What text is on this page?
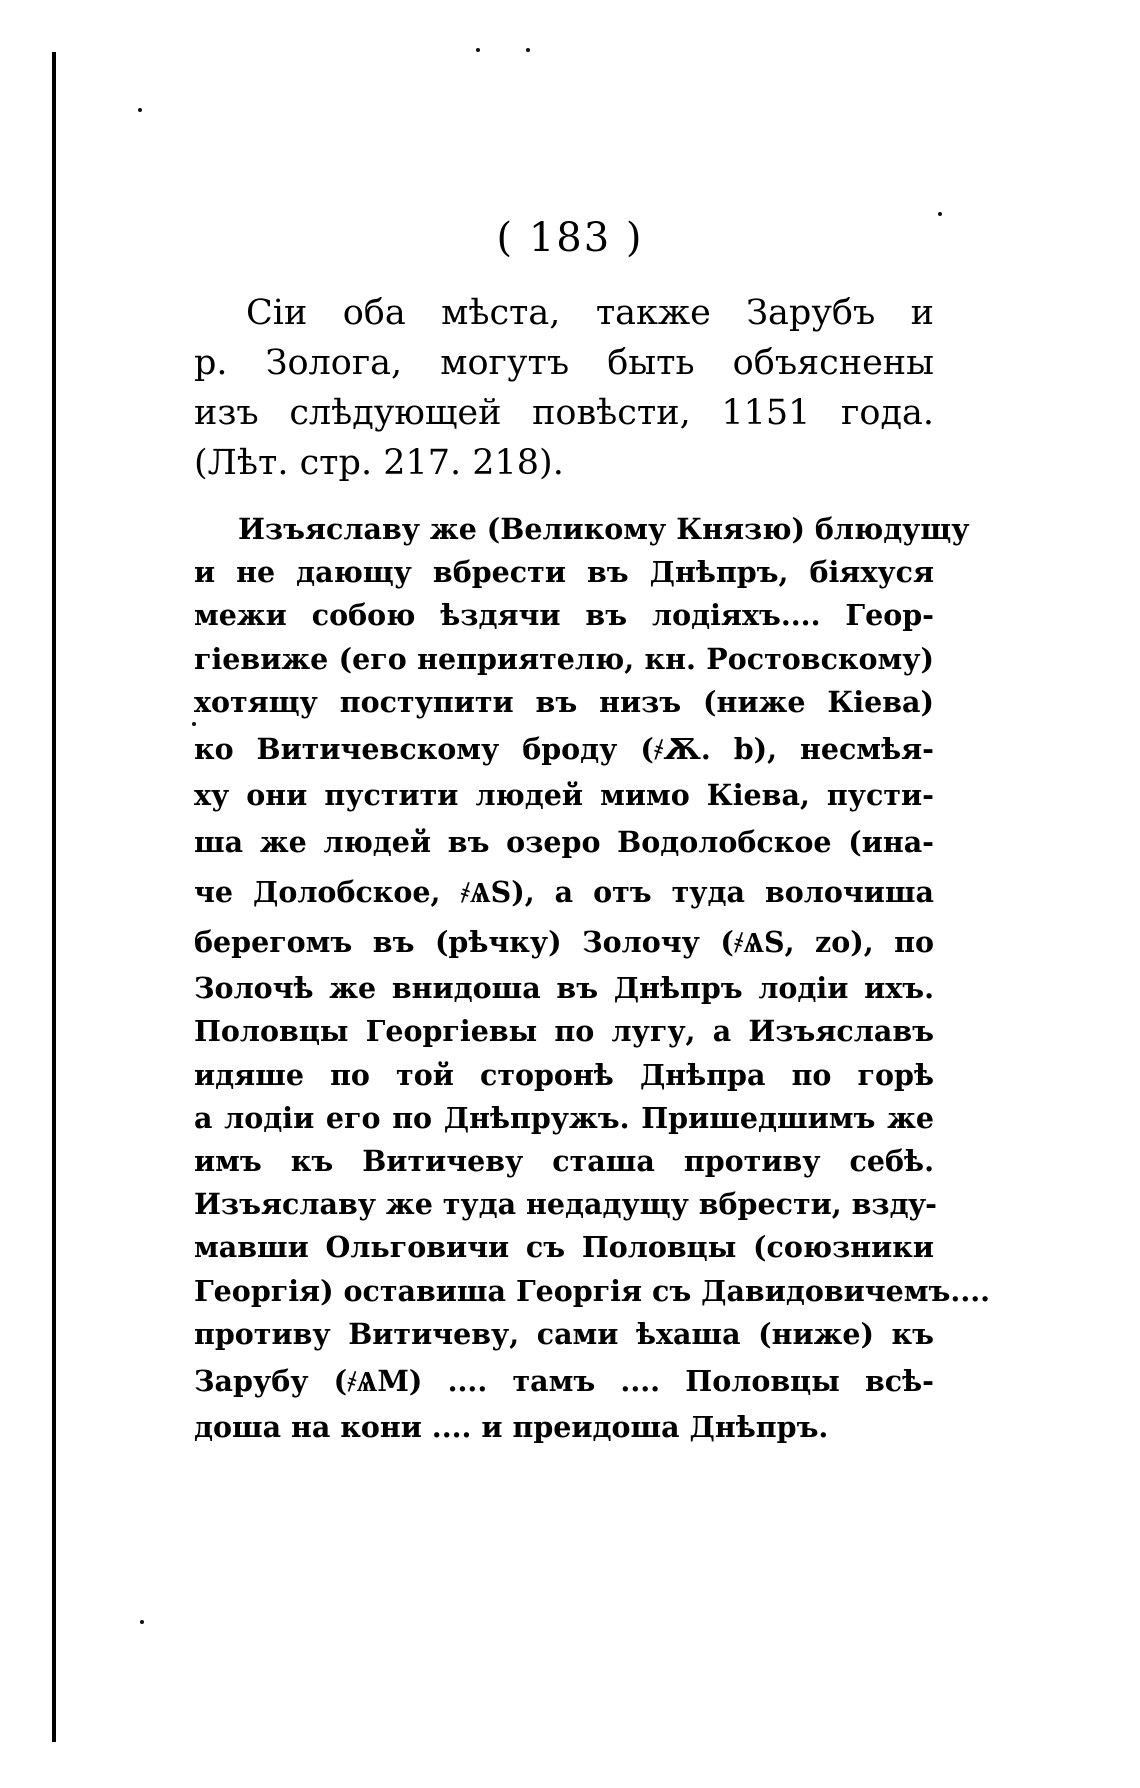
( 183 )
Сіи оба мѣста, также Зарубъ и
р. Золога, могутъ быть объяснены
изъ слѣдующей повѣсти, 1151 года.
(Лѣт. стр. 217. 218).
Изъяславу же (Великому Князю) блюдущу
и не дающу вбрести въ Днѣпръ, біяхуся
межи собою ѣздячи въ лодіяхъ.... Геор-
гіевиже (его неприятелю, кн. Ростовскому)
хотящу поступити въ низъ (ниже Кіева)
ко Витичевскому броду (҂Ѫ. b), несмѣя-
ху они пустити людей мимо Кіева, пусти-
ша же людей въ озеро Водолобское (ина-
че Долобское, ҂ѦЅ), а отъ туда волочиша
берегомъ въ (рѣчку) Золочу (҂ѦЅ, zo), по
Золочѣ же внидоша въ Днѣпръ лодіи ихъ.
Половцы Георгіевы по лугу, а Изъяславъ
идяше по той стоpонѣ Днѣпра по горѣ
а лодіи его по Днѣпружъ. Пришедшимъ же
имъ къ Витичеву сташа противу себѣ.
Изъяславу же туда недадущу вбрести, вздy-
мавши Ольговичи съ Половцы (союзники
Георгія) оставиша Георгія съ Давидовичемъ....
противу Витичеву, сами ѣхаша (ниже) къ
Зарубу (҂ѦМ) .... тамъ .... Половцы всѣ-
доша на кони .... и преидоша Днѣпръ.
